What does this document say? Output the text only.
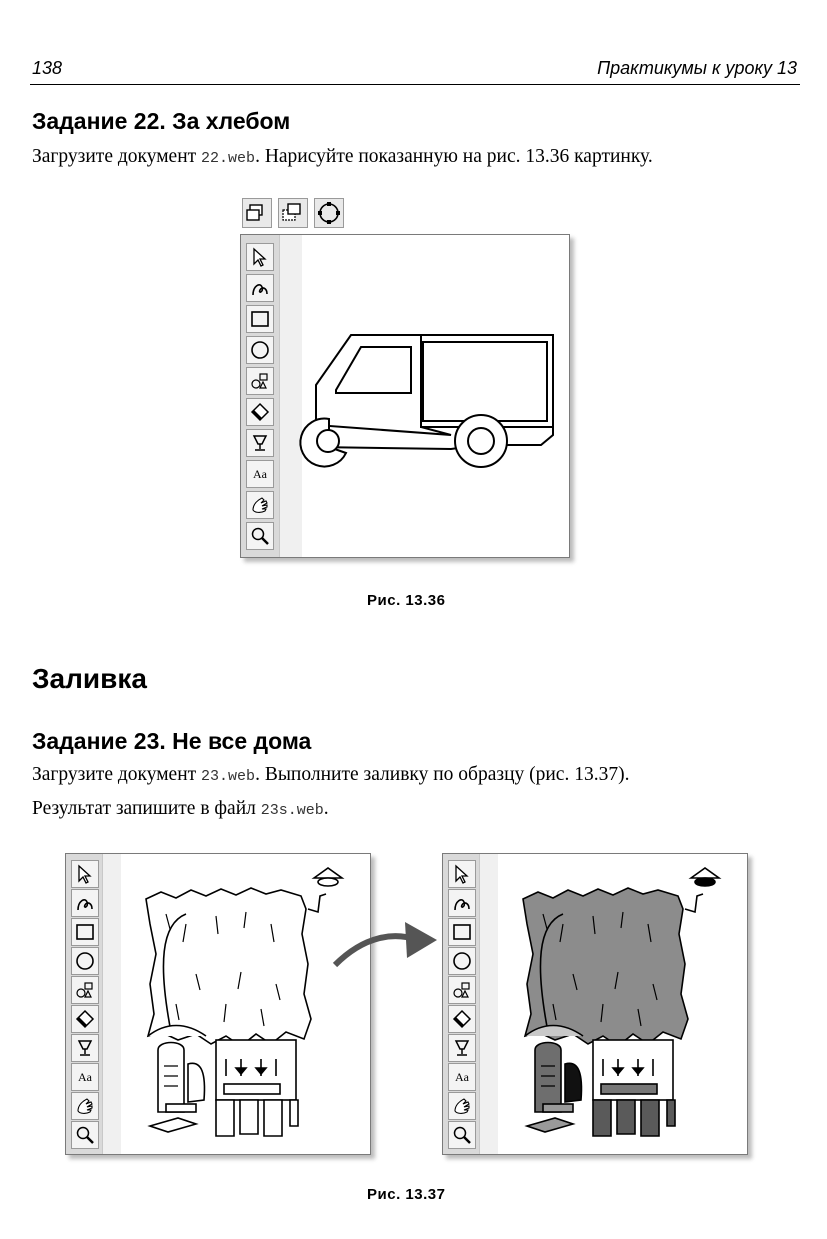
138	Практикумы к уроку 13
Задание 22. За хлебом
Загрузите документ 22.web. Нарисуйте показанную на рис. 13.36 картинку.
Aa
Рис. 13.36
Заливка
Задание 23. Не все дома
Загрузите документ 23.web. Выполните заливку по образцу (рис. 13.37).
Результат запишите в файл 23s.web.
Aa	Aa
Рис. 13.37
